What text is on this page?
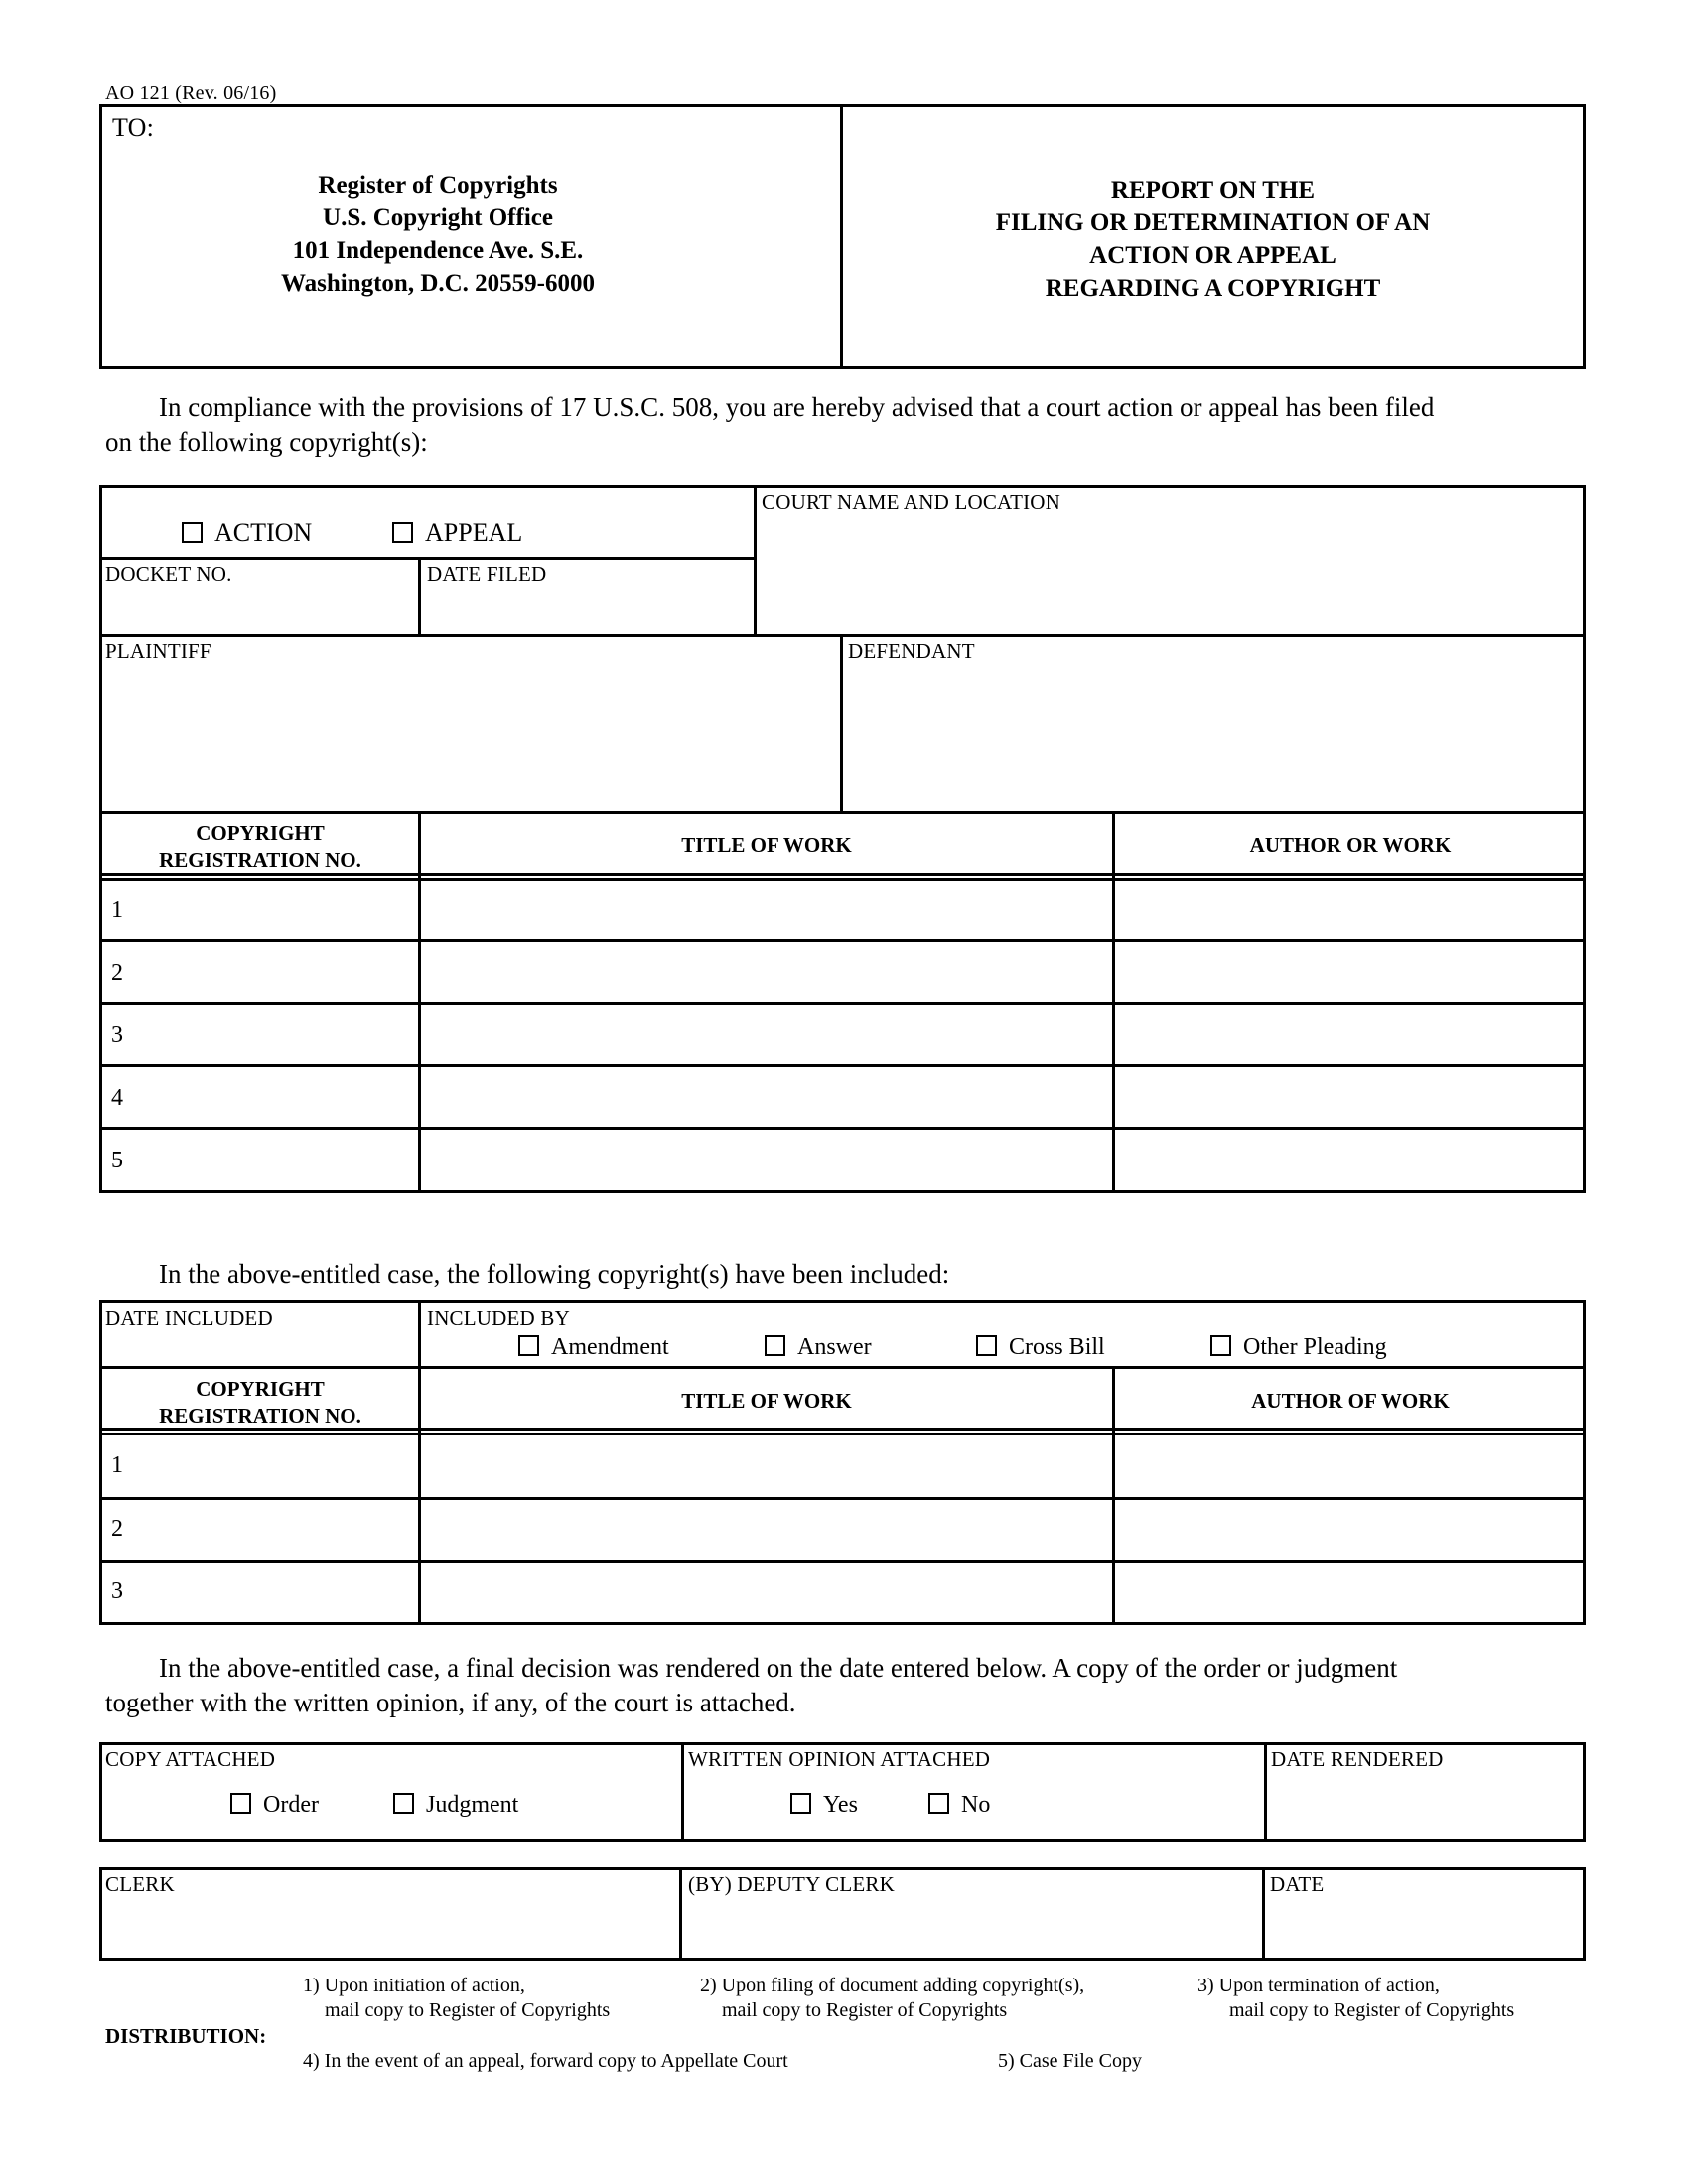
AO 121 (Rev. 06/16)
TO:
Register of Copyrights
U.S. Copyright Office
101 Independence Ave. S.E.
Washington, D.C. 20559-6000
REPORT ON THE
FILING OR DETERMINATION OF AN
ACTION OR APPEAL
REGARDING A COPYRIGHT
In compliance with the provisions of 17 U.S.C. 508, you are hereby advised that a court action or appeal has been filed
on the following copyright(s):
ACTION	APPEAL
COURT NAME AND LOCATION
DOCKET NO.	DATE FILED
PLAINTIFF	DEFENDANT
COPYRIGHT
REGISTRATION NO.
TITLE OF WORK	AUTHOR OR WORK
1
2
3
4
5
In the above-entitled case, the following copyright(s) have been included:
DATE INCLUDED	INCLUDED BY
Amendment	Answer	Cross Bill	Other Pleading
COPYRIGHT
REGISTRATION NO.
TITLE OF WORK	AUTHOR OF WORK
1
2
3
In the above-entitled case, a final decision was rendered on the date entered below. A copy of the order or judgment
together with the written opinion, if any, of the court is attached.
COPY ATTACHED	WRITTEN OPINION ATTACHED	DATE RENDERED
Order	Judgment	Yes	No
CLERK	(BY) DEPUTY CLERK	DATE
1) Upon initiation of action,
mail copy to Register of Copyrights
2) Upon filing of document adding copyright(s),
mail copy to Register of Copyrights
3) Upon termination of action,
mail copy to Register of Copyrights
DISTRIBUTION:
4) In the event of an appeal, forward copy to Appellate Court	5) Case File Copy
